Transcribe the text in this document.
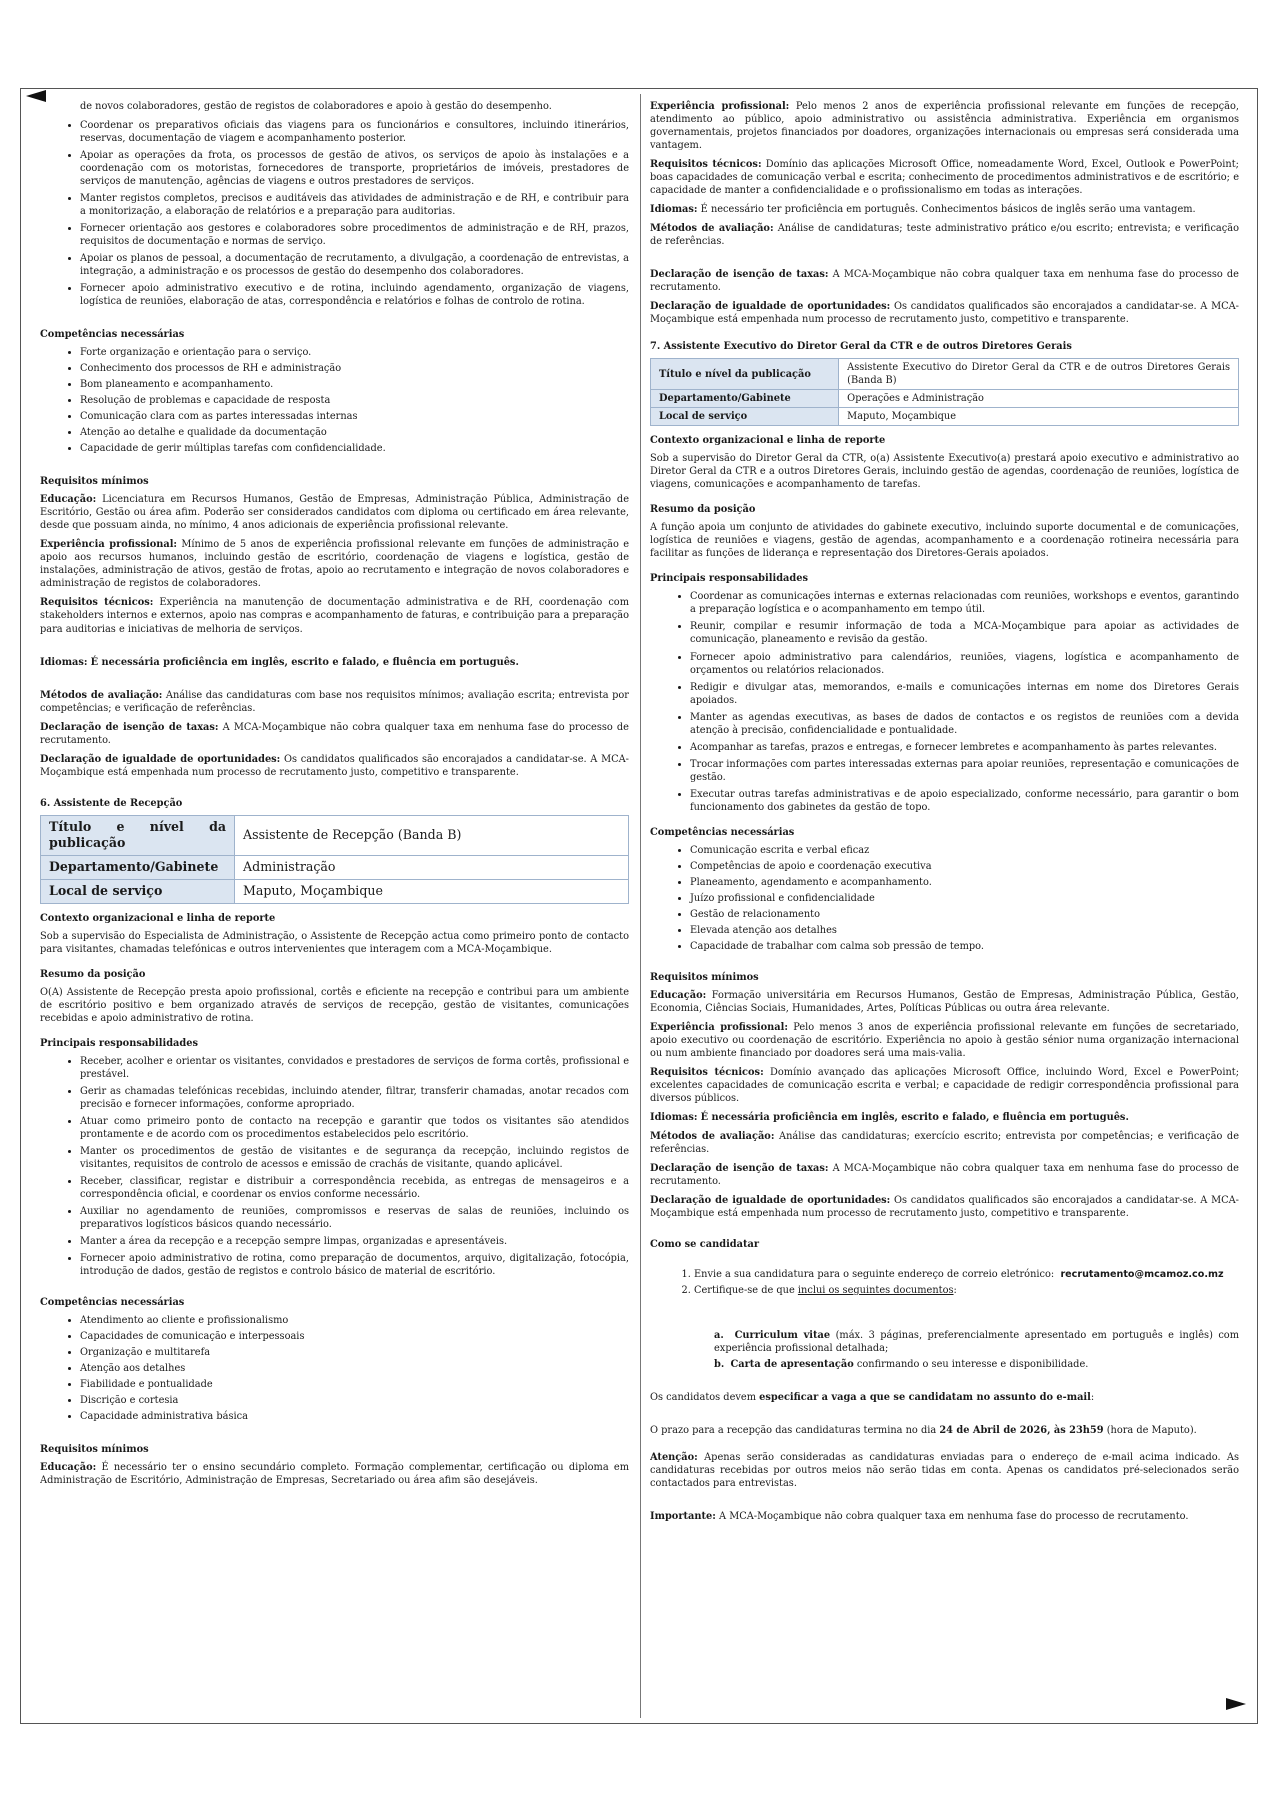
de novos colaboradores, gestão de registos de colaboradores e apoio à gestão do desempenho.

• Coordenar os preparativos oficiais das viagens para os funcionários e consultores, incluindo itinerários, reservas, documentação de viagem e acompanhamento posterior.
• Apoiar as operações da frota, os processos de gestão de ativos, os serviços de apoio às instalações e a coordenação com os motoristas, fornecedores de transporte, proprietários de imóveis, prestadores de serviços de manutenção, agências de viagens e outros prestadores de serviços.
• Manter registos completos, precisos e auditáveis das atividades de administração e de RH, e contribuir para a monitorização, a elaboração de relatórios e a preparação para auditorias.
• Fornecer orientação aos gestores e colaboradores sobre procedimentos de administração e de RH, prazos, requisitos de documentação e normas de serviço.
• Apoiar os planos de pessoal, a documentação de recrutamento, a divulgação, a coordenação de entrevistas, a integração, a administração e os processos de gestão do desempenho dos colaboradores.
• Fornecer apoio administrativo executivo e de rotina, incluindo agendamento, organização de viagens, logística de reuniões, elaboração de atas, correspondência e relatórios e folhas de controlo de rotina.
Competências necessárias
• Forte organização e orientação para o serviço.
• Conhecimento dos processos de RH e administração
• Bom planeamento e acompanhamento.
• Resolução de problemas e capacidade de resposta
• Comunicação clara com as partes interessadas internas
• Atenção ao detalhe e qualidade da documentação
• Capacidade de gerir múltiplas tarefas com confidencialidade.
Requisitos mínimos

Educação: Licenciatura em Recursos Humanos, Gestão de Empresas, Administração Pública, Administração de Escritório, Gestão ou área afim. Poderão ser considerados candidatos com diploma ou certificado em área relevante, desde que possuam ainda, no mínimo, 4 anos adicionais de experiência profissional relevante.

Experiência profissional: Mínimo de 5 anos de experiência profissional relevante em funções de administração e apoio aos recursos humanos, incluindo gestão de escritório, coordenação de viagens e logística, gestão de instalações, administração de ativos, gestão de frotas, apoio ao recrutamento e integração de novos colaboradores e administração de registos de colaboradores.

Requisitos técnicos: Experiência na manutenção de documentação administrativa e de RH, coordenação com stakeholders internos e externos, apoio nas compras e acompanhamento de faturas, e contribuição para a preparação para auditorias e iniciativas de melhoria de serviços.

Idiomas: É necessária proficiência em inglês, escrito e falado, e fluência em português.

Métodos de avaliação: Análise das candidaturas com base nos requisitos mínimos; avaliação escrita; entrevista por competências; e verificação de referências.

Declaração de isenção de taxas: A MCA-Moçambique não cobra qualquer taxa em nenhuma fase do processo de recrutamento.

Declaração de igualdade de oportunidades: Os candidatos qualificados são encorajados a candidatar-se. A MCA-Moçambique está empenhada num processo de recrutamento justo, competitivo e transparente.

6. Assistente de Recepção
Título e nível da publicação	Assistente de Recepção (Banda B)
Departamento/Gabinete	Administração
Local de serviço	Maputo, Moçambique
Contexto organizacional e linha de reporte

Sob a supervisão do Especialista de Administração, o Assistente de Recepção actua como primeiro ponto de contacto para visitantes, chamadas telefónicas e outros intervenientes que interagem com a MCA-Moçambique.

Resumo da posição

O(A) Assistente de Recepção presta apoio profissional, cortês e eficiente na recepção e contribui para um ambiente de escritório positivo e bem organizado através de serviços de recepção, gestão de visitantes, comunicações recebidas e apoio administrativo de rotina.

Principais responsabilidades
• Receber, acolher e orientar os visitantes, convidados e prestadores de serviços de forma cortês, profissional e prestável.
• Gerir as chamadas telefónicas recebidas, incluindo atender, filtrar, transferir chamadas, anotar recados com precisão e fornecer informações, conforme apropriado.
• Atuar como primeiro ponto de contacto na recepção e garantir que todos os visitantes são atendidos prontamente e de acordo com os procedimentos estabelecidos pelo escritório.
• Manter os procedimentos de gestão de visitantes e de segurança da recepção, incluindo registos de visitantes, requisitos de controlo de acessos e emissão de crachás de visitante, quando aplicável.
• Receber, classificar, registar e distribuir a correspondência recebida, as entregas de mensageiros e a correspondência oficial, e coordenar os envios conforme necessário.
• Auxiliar no agendamento de reuniões, compromissos e reservas de salas de reuniões, incluindo os preparativos logísticos básicos quando necessário.
• Manter a área da recepção e a recepção sempre limpas, organizadas e apresentáveis.
• Fornecer apoio administrativo de rotina, como preparação de documentos, arquivo, digitalização, fotocópia, introdução de dados, gestão de registos e controlo básico de material de escritório.
Competências necessárias
• Atendimento ao cliente e profissionalismo
• Capacidades de comunicação e interpessoais
• Organização e multitarefa
• Atenção aos detalhes
• Fiabilidade e pontualidade
• Discrição e cortesia
• Capacidade administrativa básica
Requisitos mínimos

Educação: É necessário ter o ensino secundário completo. Formação complementar, certificação ou diploma em Administração de Escritório, Administração de Empresas, Secretariado ou área afim são desejáveis.

Experiência profissional: Pelo menos 2 anos de experiência profissional relevante em funções de recepção, atendimento ao público, apoio administrativo ou assistência administrativa. Experiência em organismos governamentais, projetos financiados por doadores, organizações internacionais ou empresas será considerada uma vantagem.

Requisitos técnicos: Domínio das aplicações Microsoft Office, nomeadamente Word, Excel, Outlook e PowerPoint; boas capacidades de comunicação verbal e escrita; conhecimento de procedimentos administrativos e de escritório; e capacidade de manter a confidencialidade e o profissionalismo em todas as interações.

Idiomas: É necessário ter proficiência em português. Conhecimentos básicos de inglês serão uma vantagem.

Métodos de avaliação: Análise de candidaturas; teste administrativo prático e/ou escrito; entrevista; e verificação de referências.

Declaração de isenção de taxas: A MCA-Moçambique não cobra qualquer taxa em nenhuma fase do processo de recrutamento.

Declaração de igualdade de oportunidades: Os candidatos qualificados são encorajados a candidatar-se. A MCA-Moçambique está empenhada num processo de recrutamento justo, competitivo e transparente.

7. Assistente Executivo do Diretor Geral da CTR e de outros Diretores Gerais
Título e nível da publicação	Assistente Executivo do Diretor Geral da CTR e de outros Diretores Gerais (Banda B)
Departamento/Gabinete	Operações e Administração
Local de serviço	Maputo, Moçambique
Contexto organizacional e linha de reporte

Sob a supervisão do Diretor Geral da CTR, o(a) Assistente Executivo(a) prestará apoio executivo e administrativo ao Diretor Geral da CTR e a outros Diretores Gerais, incluindo gestão de agendas, coordenação de reuniões, logística de viagens, comunicações e acompanhamento de tarefas.

Resumo da posição

A função apoia um conjunto de atividades do gabinete executivo, incluindo suporte documental e de comunicações, logística de reuniões e viagens, gestão de agendas, acompanhamento e a coordenação rotineira necessária para facilitar as funções de liderança e representação dos Diretores-Gerais apoiados.

Principais responsabilidades
• Coordenar as comunicações internas e externas relacionadas com reuniões, workshops e eventos, garantindo a preparação logística e o acompanhamento em tempo útil.
• Reunir, compilar e resumir informação de toda a MCA-Moçambique para apoiar as actividades de comunicação, planeamento e revisão da gestão.
• Fornecer apoio administrativo para calendários, reuniões, viagens, logística e acompanhamento de orçamentos ou relatórios relacionados.
• Redigir e divulgar atas, memorandos, e-mails e comunicações internas em nome dos Diretores Gerais apoiados.
• Manter as agendas executivas, as bases de dados de contactos e os registos de reuniões com a devida atenção à precisão, confidencialidade e pontualidade.
• Acompanhar as tarefas, prazos e entregas, e fornecer lembretes e acompanhamento às partes relevantes.
• Trocar informações com partes interessadas externas para apoiar reuniões, representação e comunicações de gestão.
• Executar outras tarefas administrativas e de apoio especializado, conforme necessário, para garantir o bom funcionamento dos gabinetes da gestão de topo.
Competências necessárias
• Comunicação escrita e verbal eficaz
• Competências de apoio e coordenação executiva
• Planeamento, agendamento e acompanhamento.
• Juízo profissional e confidencialidade
• Gestão de relacionamento
• Elevada atenção aos detalhes
• Capacidade de trabalhar com calma sob pressão de tempo.
Requisitos mínimos

Educação: Formação universitária em Recursos Humanos, Gestão de Empresas, Administração Pública, Gestão, Economia, Ciências Sociais, Humanidades, Artes, Políticas Públicas ou outra área relevante.

Experiência profissional: Pelo menos 3 anos de experiência profissional relevante em funções de secretariado, apoio executivo ou coordenação de escritório. Experiência no apoio à gestão sénior numa organização internacional ou num ambiente financiado por doadores será uma mais-valia.

Requisitos técnicos: Domínio avançado das aplicações Microsoft Office, incluindo Word, Excel e PowerPoint; excelentes capacidades de comunicação escrita e verbal; e capacidade de redigir correspondência profissional para diversos públicos.

Idiomas: É necessária proficiência em inglês, escrito e falado, e fluência em português.

Métodos de avaliação: Análise das candidaturas; exercício escrito; entrevista por competências; e verificação de referências.

Declaração de isenção de taxas: A MCA-Moçambique não cobra qualquer taxa em nenhuma fase do processo de recrutamento.

Declaração de igualdade de oportunidades: Os candidatos qualificados são encorajados a candidatar-se. A MCA-Moçambique está empenhada num processo de recrutamento justo, competitivo e transparente.

Como se candidatar
1. Envie a sua candidatura para o seguinte endereço de correio eletrónico: recrutamento@mcamoz.co.mz
2. Certifique-se de que inclui os seguintes documentos:
a. Curriculum vitae (máx. 3 páginas, preferencialmente apresentado em português e inglês) com experiência profissional detalhada;
b. Carta de apresentação confirmando o seu interesse e disponibilidade.

Os candidatos devem especificar a vaga a que se candidatam no assunto do e-mail:

O prazo para a recepção das candidaturas termina no dia 24 de Abril de 2026, às 23h59 (hora de Maputo).

Atenção: Apenas serão consideradas as candidaturas enviadas para o endereço de e-mail acima indicado. As candidaturas recebidas por outros meios não serão tidas em conta. Apenas os candidatos pré-selecionados serão contactados para entrevistas.

Importante: A MCA-Moçambique não cobra qualquer taxa em nenhuma fase do processo de recrutamento.
